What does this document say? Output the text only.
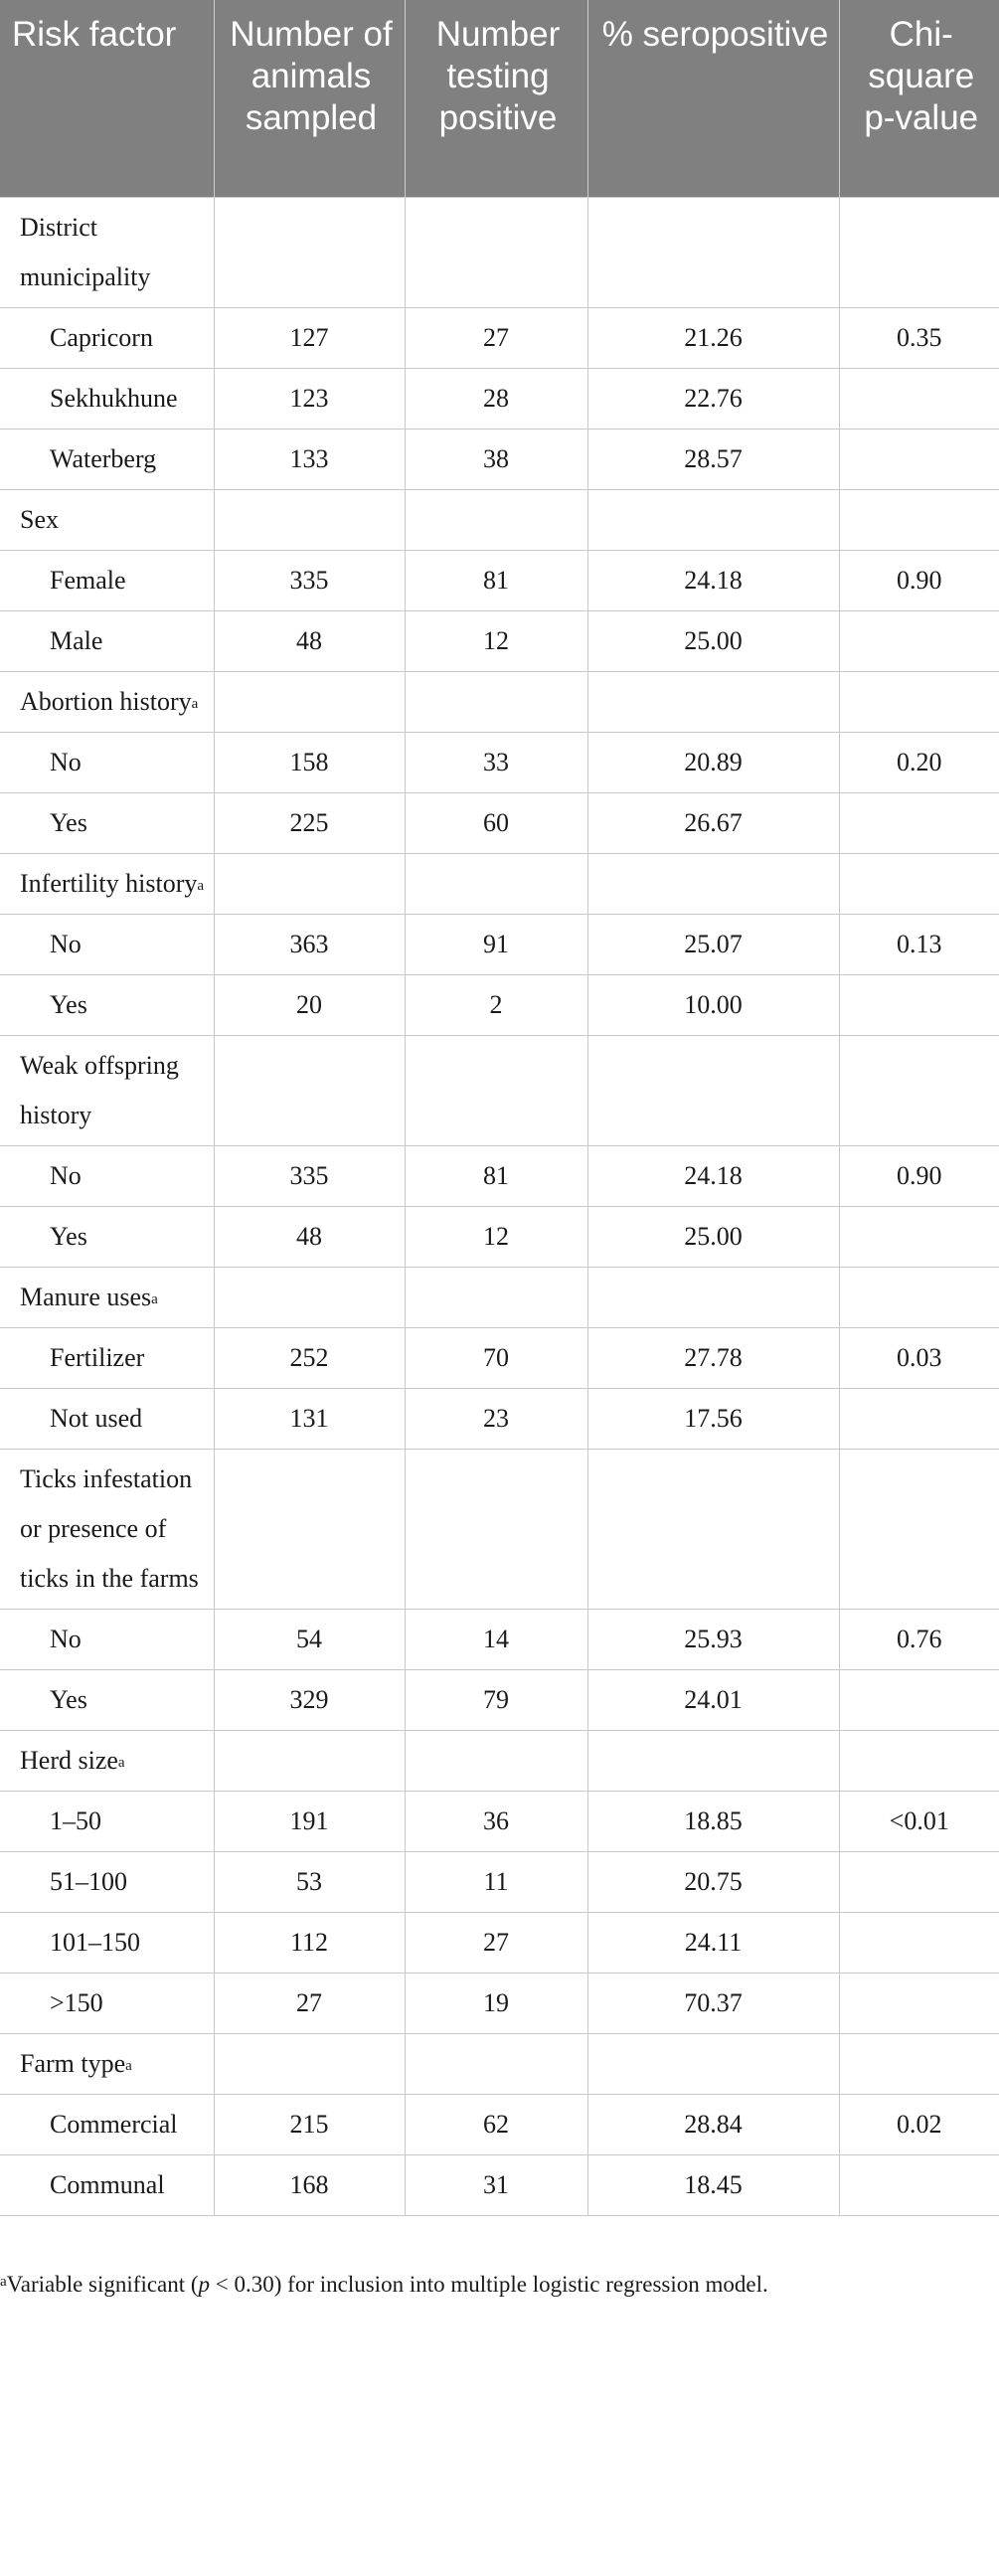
Risk factor	Number of animals sampled	Number testing positive	% seropositive	Chi-square p-value
District municipality				
Capricorn	127	27	21.26	0.35
Sekhukhune	123	28	22.76	
Waterberg	133	38	28.57	
Sex				
Female	335	81	24.18	0.90
Male	48	12	25.00	
Abortion history$^a$				
No	158	33	20.89	0.20
Yes	225	60	26.67	
Infertility history$^a$				
No	363	91	25.07	0.13
Yes	20	2	10.00	
Weak offspring history				
No	335	81	24.18	0.90
Yes	48	12	25.00	
Manure uses$^a$				
Fertilizer	252	70	27.78	0.03
Not used	131	23	17.56	
Ticks infestation or presence of ticks in the farms				
No	54	14	25.93	0.76
Yes	329	79	24.01	
Herd size$^a$				
1–50	191	36	18.85	<0.01
51–100	53	11	20.75	
101–150	112	27	24.11	
>150	27	19	70.37	
Farm type$^a$				
Commercial	215	62	28.84	0.02
Communal	168	31	18.45	

$^a$Variable significant (p < 0.30) for inclusion into multiple logistic regression model.
